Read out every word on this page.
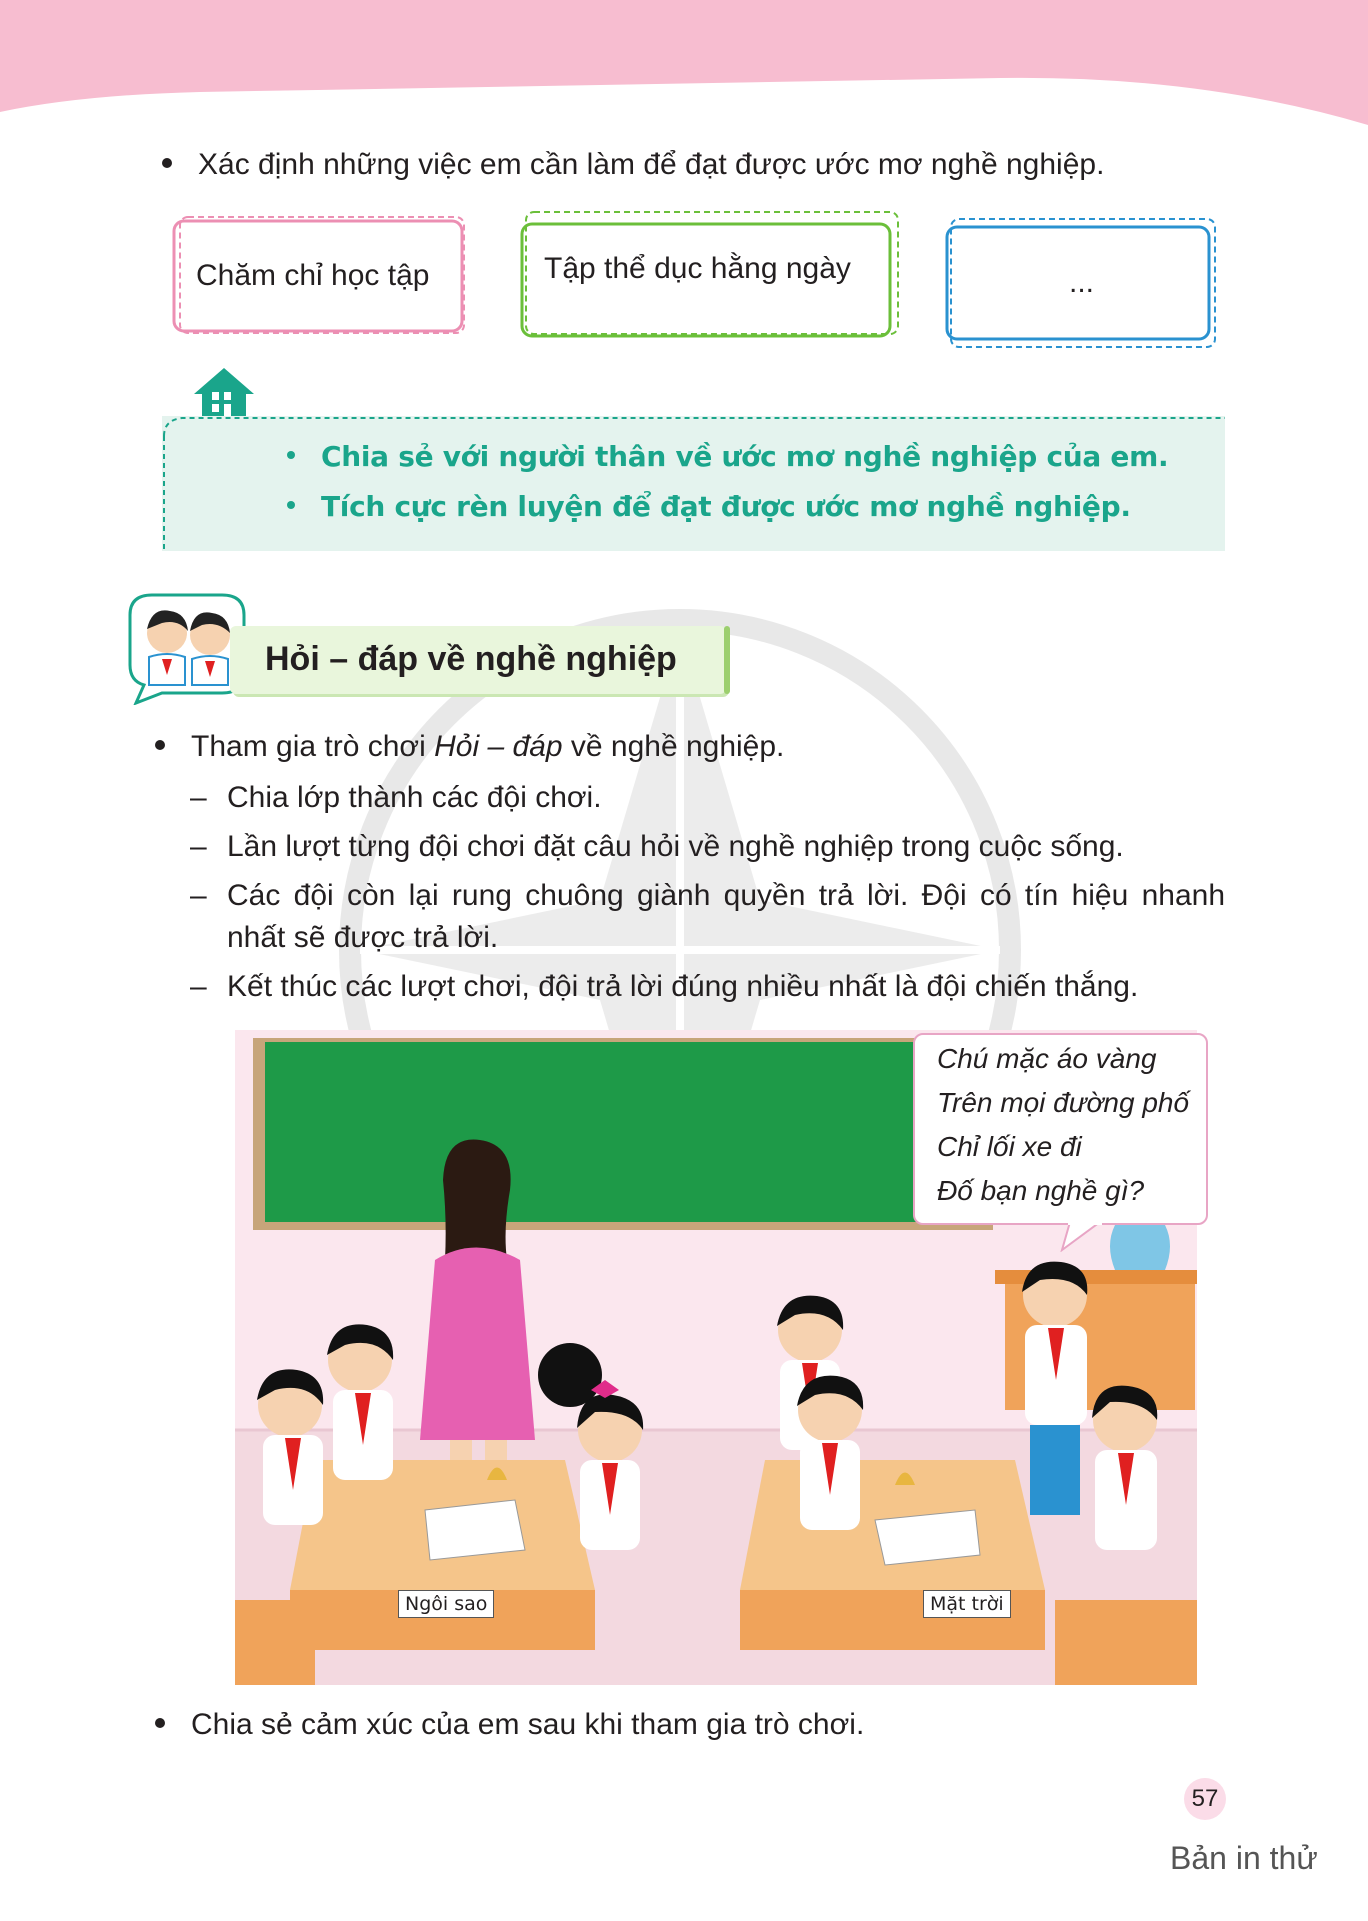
Xác định những việc em cần làm để đạt được ước mơ nghề nghiệp.
Chăm chỉ học tập	Tập thể dục hằng ngày	...
Chia sẻ với người thân về ước mơ nghề nghiệp của em.
Tích cực rèn luyện để đạt được ước mơ nghề nghiệp.
Hỏi – đáp về nghề nghiệp
Tham gia trò chơi Hỏi – đáp về nghề nghiệp.
– Chia lớp thành các đội chơi.
– Lần lượt từng đội chơi đặt câu hỏi về nghề nghiệp trong cuộc sống.
– Các đội còn lại rung chuông giành quyền trả lời. Đội có tín hiệu nhanh
nhất sẽ được trả lời.
– Kết thúc các lượt chơi, đội trả lời đúng nhiều nhất là đội chiến thắng.
Ngôi sao	Mặt trời
Chú mặc áo vàng
Trên mọi đường phố
Chỉ lối xe đi
Đố bạn nghề gì?
Chia sẻ cảm xúc của em sau khi tham gia trò chơi.
57
Bản in thử
